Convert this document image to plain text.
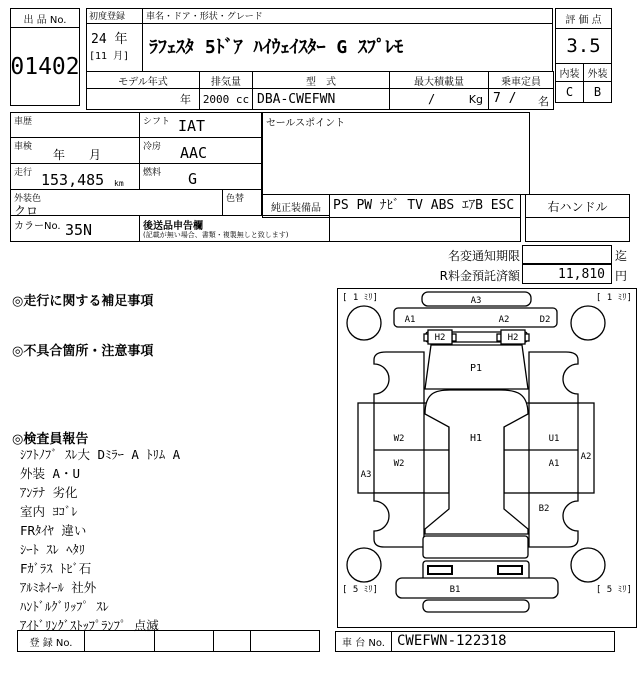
出 品 No.
01402
初度登録
24 年
[11 月]
車名・ドア・形状・グレード
ﾗﾌｪｽﾀ 5ﾄﾞｱ ﾊｲｳｪｲｽﾀｰ G ｽﾌﾟﾚﾓ
評 価 点
3.5
内装 外装
C	B
モデル年式
年
排気量
2000 cc
型　式
DBA-CWEFWN
最大積載量
/	Kg
乗車定員
7 / 名
車歴	シフト IAT
車検
年　　月
冷房 AAC
走行 153,485 km
燃料 G
外装色
クロ
色替
カラーNo. 35N	後送品申告欄
(記載が無い場合、書類・複製無しと致します)
セールスポイント
純正装備品 PS PW ﾅﾋﾞ TV ABS ｴｱB ESC	右ハンドル
名変通知期限	迄
R料金預託済額	11,810 円
◎走行に関する補足事項
◎不具合箇所・注意事項
◎検査員報告
ｼﾌﾄﾉﾌﾞ ｽﾚ大 Dﾐﾗｰ A ﾄﾘﾑ A
外装 A・U
ｱﾝﾃﾅ 劣化
室内 ﾖｺﾞﾚ
FRﾀｲﾔ 違い
ｼｰﾄ ｽﾚ ﾍﾀﾘ
Fｶﾞﾗｽ ﾄﾋﾞ石
ｱﾙﾐﾎｲｰﾙ 社外
ﾊﾝﾄﾞﾙｸﾞﾘｯﾌﾟ ｽﾚ
ｱｲﾄﾞﾘﾝｸﾞｽﾄｯﾌﾟﾗﾝﾌﾟ 点滅
登 録 No.	車 台 No. CWEFWN-122318
[ 1 ﾐﾘ]	[ 1 ﾐﾘ]
[ 5 ﾐﾘ]	[ 5 ﾐﾘ]
A3
A1	A2	D2
H2	H2
P1
H1
W2
W2
A3
U1
A1
A2
B2
B1
